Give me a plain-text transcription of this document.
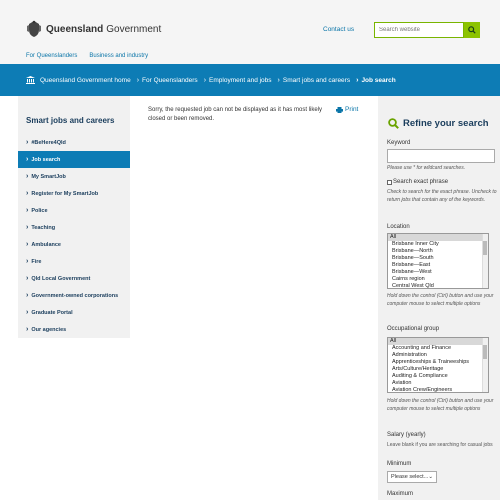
Queensland Government	Contact us
Search website
For Queenslanders Business and industry
Queensland Government home › For Queenslanders › Employment and jobs › Smart jobs and careers › Job search
Smart jobs and careers
› #BeHere4Qld
› Job search
› My SmartJob
› Register for My SmartJob
› Police
› Teaching
› Ambulance
› Fire
› Qld Local Government
› Government-owned corporations
› Graduate Portal
› Our agencies
Sorry, the requested job can not be displayed as it has most likely closed or been removed.
Print
Refine your search
Keyword
Please use * for wildcard searches.
Search exact phrase
Check to search for the exact phrase. Uncheck to return jobs that contain any of the keywords.
Location
All
Brisbane Inner City
Brisbane—North
Brisbane—South
Brisbane—East
Brisbane—West
Cairns region
Central West Qld
Hold down the control (Ctrl) button and use your computer mouse to select multiple options
Occupational group
All
Accounting and Finance
Administration
Apprenticeships & Traineeships
Arts/Culture/Heritage
Auditing & Compliance
Aviation
Aviation Crew/Engineers
Hold down the control (Ctrl) button and use your computer mouse to select multiple options
Salary (yearly)
Leave blank if you are searching for casual jobs
Minimum
Please select... ⌄
Maximum
